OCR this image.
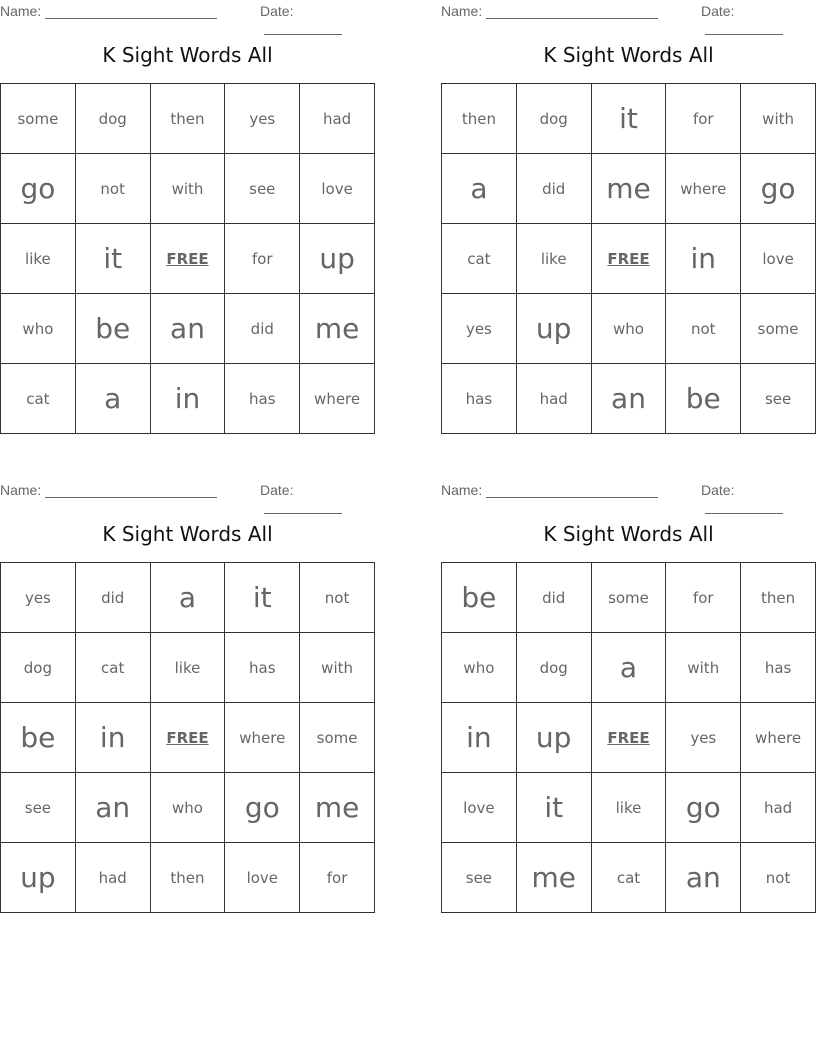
Name:	Date:
K Sight Words All
some	dog	then	yes	had
go	not	with	see	love
like	it	FREE	for	up
who	be	an	did	me
cat	a	in	has	where
Name:	Date:
K Sight Words All
then	dog	it	for	with
a	did	me	where	go
cat	like	FREE	in	love
yes	up	who	not	some
has	had	an	be	see
Name:	Date:
K Sight Words All
yes	did	a	it	not
dog	cat	like	has	with
be	in	FREE	where	some
see	an	who	go	me
up	had	then	love	for
Name:	Date:
K Sight Words All
be	did	some	for	then
who	dog	a	with	has
in	up	FREE	yes	where
love	it	like	go	had
see	me	cat	an	not
